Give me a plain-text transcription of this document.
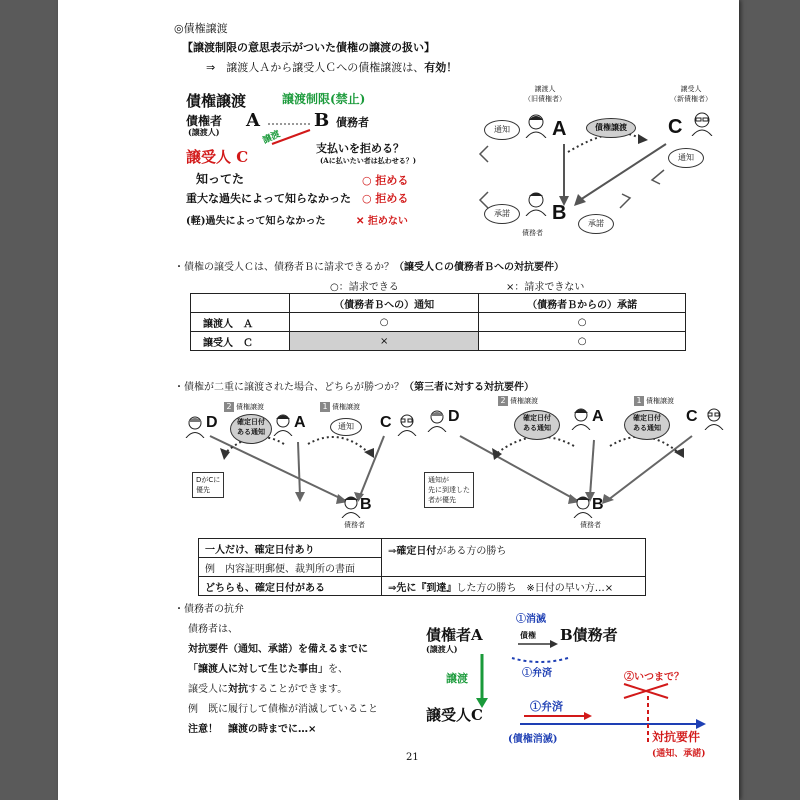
◎債権譲渡
【譲渡制限の意思表示がついた債権の譲渡の扱い】
⇒　譲渡人Ａから譲受人Ｃへの債権譲渡は、有効！
債権譲渡	譲渡制限(禁止)
債権者
(譲渡人)
A	B 債務者
譲渡
譲受人 C	支払いを拒める？
(Aに払いたい者は払わせる？)
知ってた	○ 拒める
重大な過失によって知らなかった ○ 拒める
(軽)過失によって知らなかった	✕ 拒めない
譲渡人
（旧債権者）
譲受人
（新債権者）
A	C
B
債務者
債権譲渡
通知
通知
承諾
承諾
・債権の譲受人Ｃは、債務者Ｂに請求できるか？（譲受人Ｃの債務者Ｂへの対抗要件）
○：請求できる	×：請求できない
	（債務者Ｂへの）通知	（債務者Ｂからの）承諾
譲渡人　Ａ	○	○
譲受人　Ｃ	×	○
・債権が二重に譲渡された場合、どちらが勝つか？（第三者に対する対抗要件）
2 債権譲渡	1 債権譲渡
D	A	C
確定日付
ある通知
通知
DがCに
優先
B
債務者
2 債権譲渡	1 債権譲渡
D	A	C
確定日付
ある通知
確定日付
ある通知
通知が
先に到達した
者が優先	B
債務者
一人だけ、確定日付あり	⇒確定日付がある方の勝ち
例　内容証明郵便、裁判所の書面	
どちらも、確定日付がある	⇒先に『到達』した方の勝ち　※日付の早い方…×
・債務者の抗弁
債務者は、
対抗要件（通知、承諾）を備えるまでに
「譲渡人に対して生じた事由」を、
譲受人に対抗することができます。
例　既に履行して債権が消滅していること
注意！　譲渡の時までに…×
債権者A
(譲渡人)
B債務者
①消滅
債権
①弁済
譲渡
譲受人C	①弁済
②いつまで？
(債権消滅)	対抗要件
(通知、承諾)
21
